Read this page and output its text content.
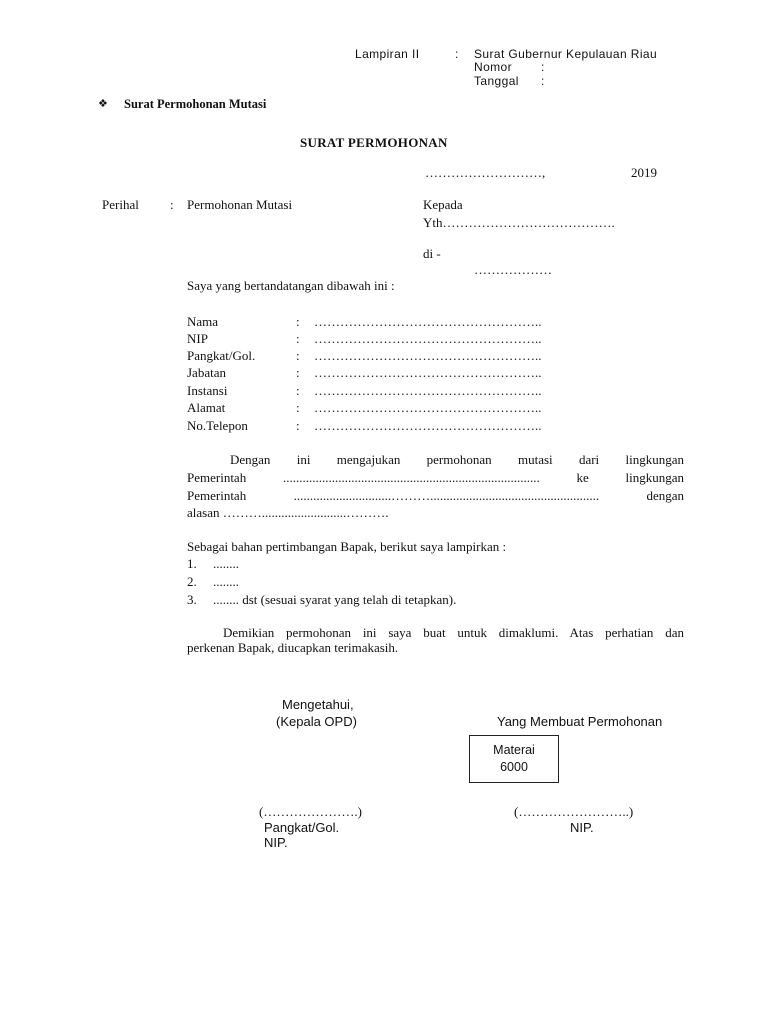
Lampiran II	: Surat Gubernur Kepulauan Riau
Nomor :
Tanggal :
❖ Surat Permohonan Mutasi
SURAT PERMOHONAN
………………………,	2019
Perihal : Permohonan Mutasi	Kepada
Yth………………………………….
di -
………………
Saya yang bertandatangan dibawah ini :
Nama	: ……………………………………………..
NIP	: ……………………………………………..
Pangkat/Gol.	: ……………………………………………..
Jabatan	: ……………………………………………..
Instansi	: ……………………………………………..
Alamat	: ……………………………………………..
No.Telepon	: ……………………………………………..
Dengan ini mengajukan permohonan mutasi dari lingkungan
Pemerintah ............................................................................... ke lingkungan
Pemerintah ..............................……….................................................... dengan
alasan ………..........................……….
Sebagai bahan pertimbangan Bapak, berikut saya lampirkan :
1. ........
2. ........
3. ........ dst (sesuai syarat yang telah di tetapkan).
Demikian permohonan ini saya buat untuk dimaklumi. Atas perhatian dan
perkenan Bapak, diucapkan terimakasih.
Mengetahui,
(Kepala OPD)	Yang Membuat Permohonan
Materai
6000
(………………….)
Pangkat/Gol.
NIP.
(……………………..)
NIP.
